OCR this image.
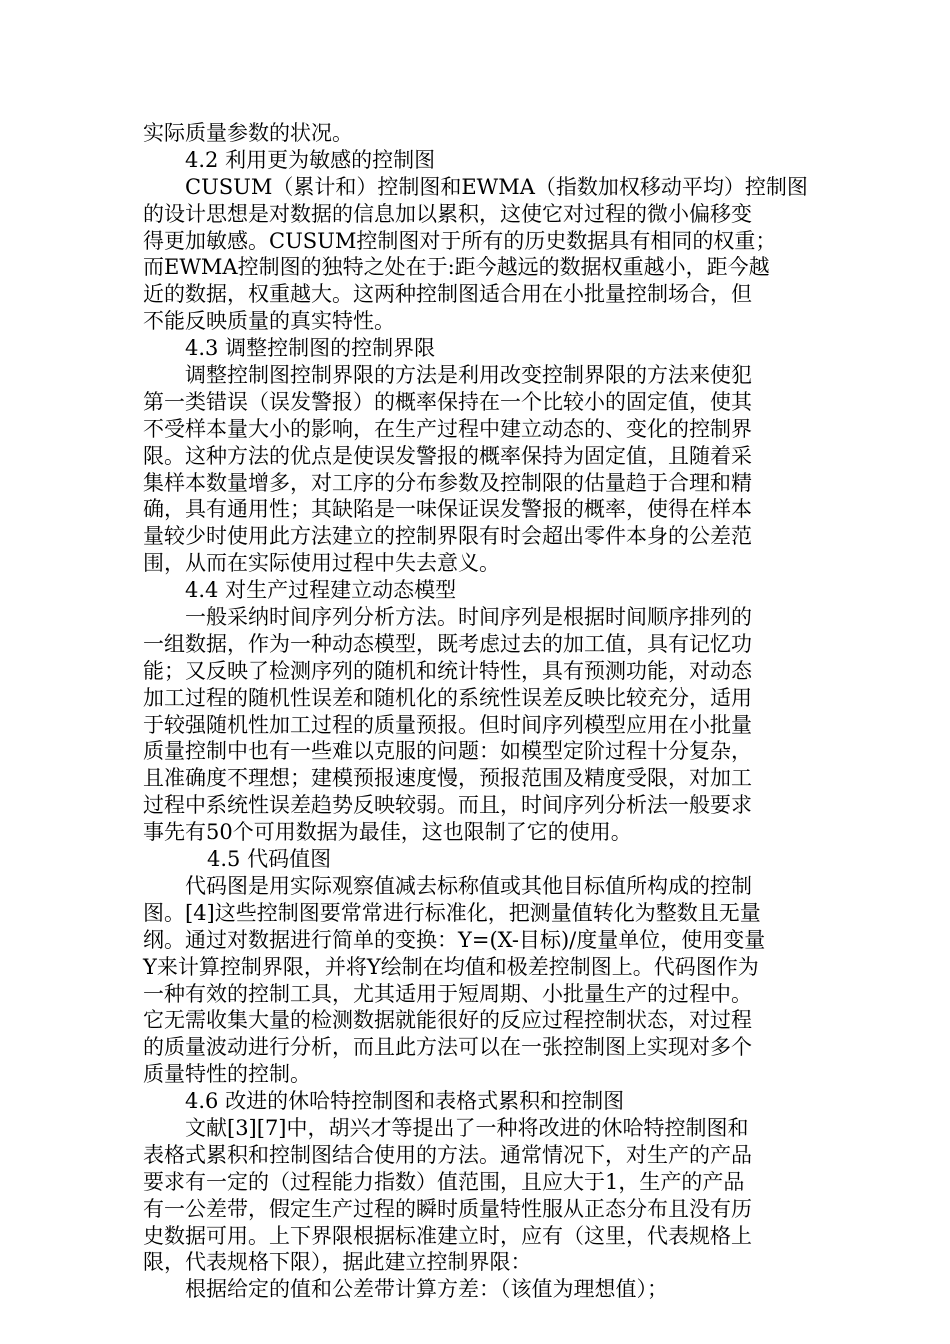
实际质量参数的状况。
4.2 利用更为敏感的控制图
CUSUM（累计和）控制图和EWMA（指数加权移动平均）控制图
的设计思想是对数据的信息加以累积，这使它对过程的微小偏移变
得更加敏感。CUSUM控制图对于所有的历史数据具有相同的权重；
而EWMA控制图的独特之处在于:距今越远的数据权重越小，距今越
近的数据，权重越大。这两种控制图适合用在小批量控制场合，但
不能反映质量的真实特性。
4.3 调整控制图的控制界限
调整控制图控制界限的方法是利用改变控制界限的方法来使犯
第一类错误（误发警报）的概率保持在一个比较小的固定值，使其
不受样本量大小的影响，在生产过程中建立动态的、变化的控制界
限。这种方法的优点是使误发警报的概率保持为固定值，且随着采
集样本数量增多，对工序的分布参数及控制限的估量趋于合理和精
确，具有通用性；其缺陷是一味保证误发警报的概率，使得在样本
量较少时使用此方法建立的控制界限有时会超出零件本身的公差范
围，从而在实际使用过程中失去意义。
4.4 对生产过程建立动态模型
一般采纳时间序列分析方法。时间序列是根据时间顺序排列的
一组数据，作为一种动态模型，既考虑过去的加工值，具有记忆功
能；又反映了检测序列的随机和统计特性，具有预测功能，对动态
加工过程的随机性误差和随机化的系统性误差反映比较充分，适用
于较强随机性加工过程的质量预报。但时间序列模型应用在小批量
质量控制中也有一些难以克服的问题：如模型定阶过程十分复杂，
且准确度不理想；建模预报速度慢，预报范围及精度受限，对加工
过程中系统性误差趋势反映较弱。而且，时间序列分析法一般要求
事先有50个可用数据为最佳，这也限制了它的使用。
4.5 代码值图
代码图是用实际观察值减去标称值或其他目标值所构成的控制
图。[4]这些控制图要常常进行标准化，把测量值转化为整数且无量
纲。通过对数据进行简单的变换：Y=(X-目标)/度量单位，使用变量
Y来计算控制界限，并将Y绘制在均值和极差控制图上。代码图作为
一种有效的控制工具，尤其适用于短周期、小批量生产的过程中。
它无需收集大量的检测数据就能很好的反应过程控制状态，对过程
的质量波动进行分析，而且此方法可以在一张控制图上实现对多个
质量特性的控制。
4.6 改进的休哈特控制图和表格式累积和控制图
文献[3][7]中，胡兴才等提出了一种将改进的休哈特控制图和
表格式累积和控制图结合使用的方法。通常情况下，对生产的产品
要求有一定的（过程能力指数）值范围，且应大于1，生产的产品
有一公差带，假定生产过程的瞬时质量特性服从正态分布且没有历
史数据可用。上下界限根据标准建立时，应有（这里，代表规格上
限，代表规格下限），据此建立控制界限：
根据给定的值和公差带计算方差：（该值为理想值）；
